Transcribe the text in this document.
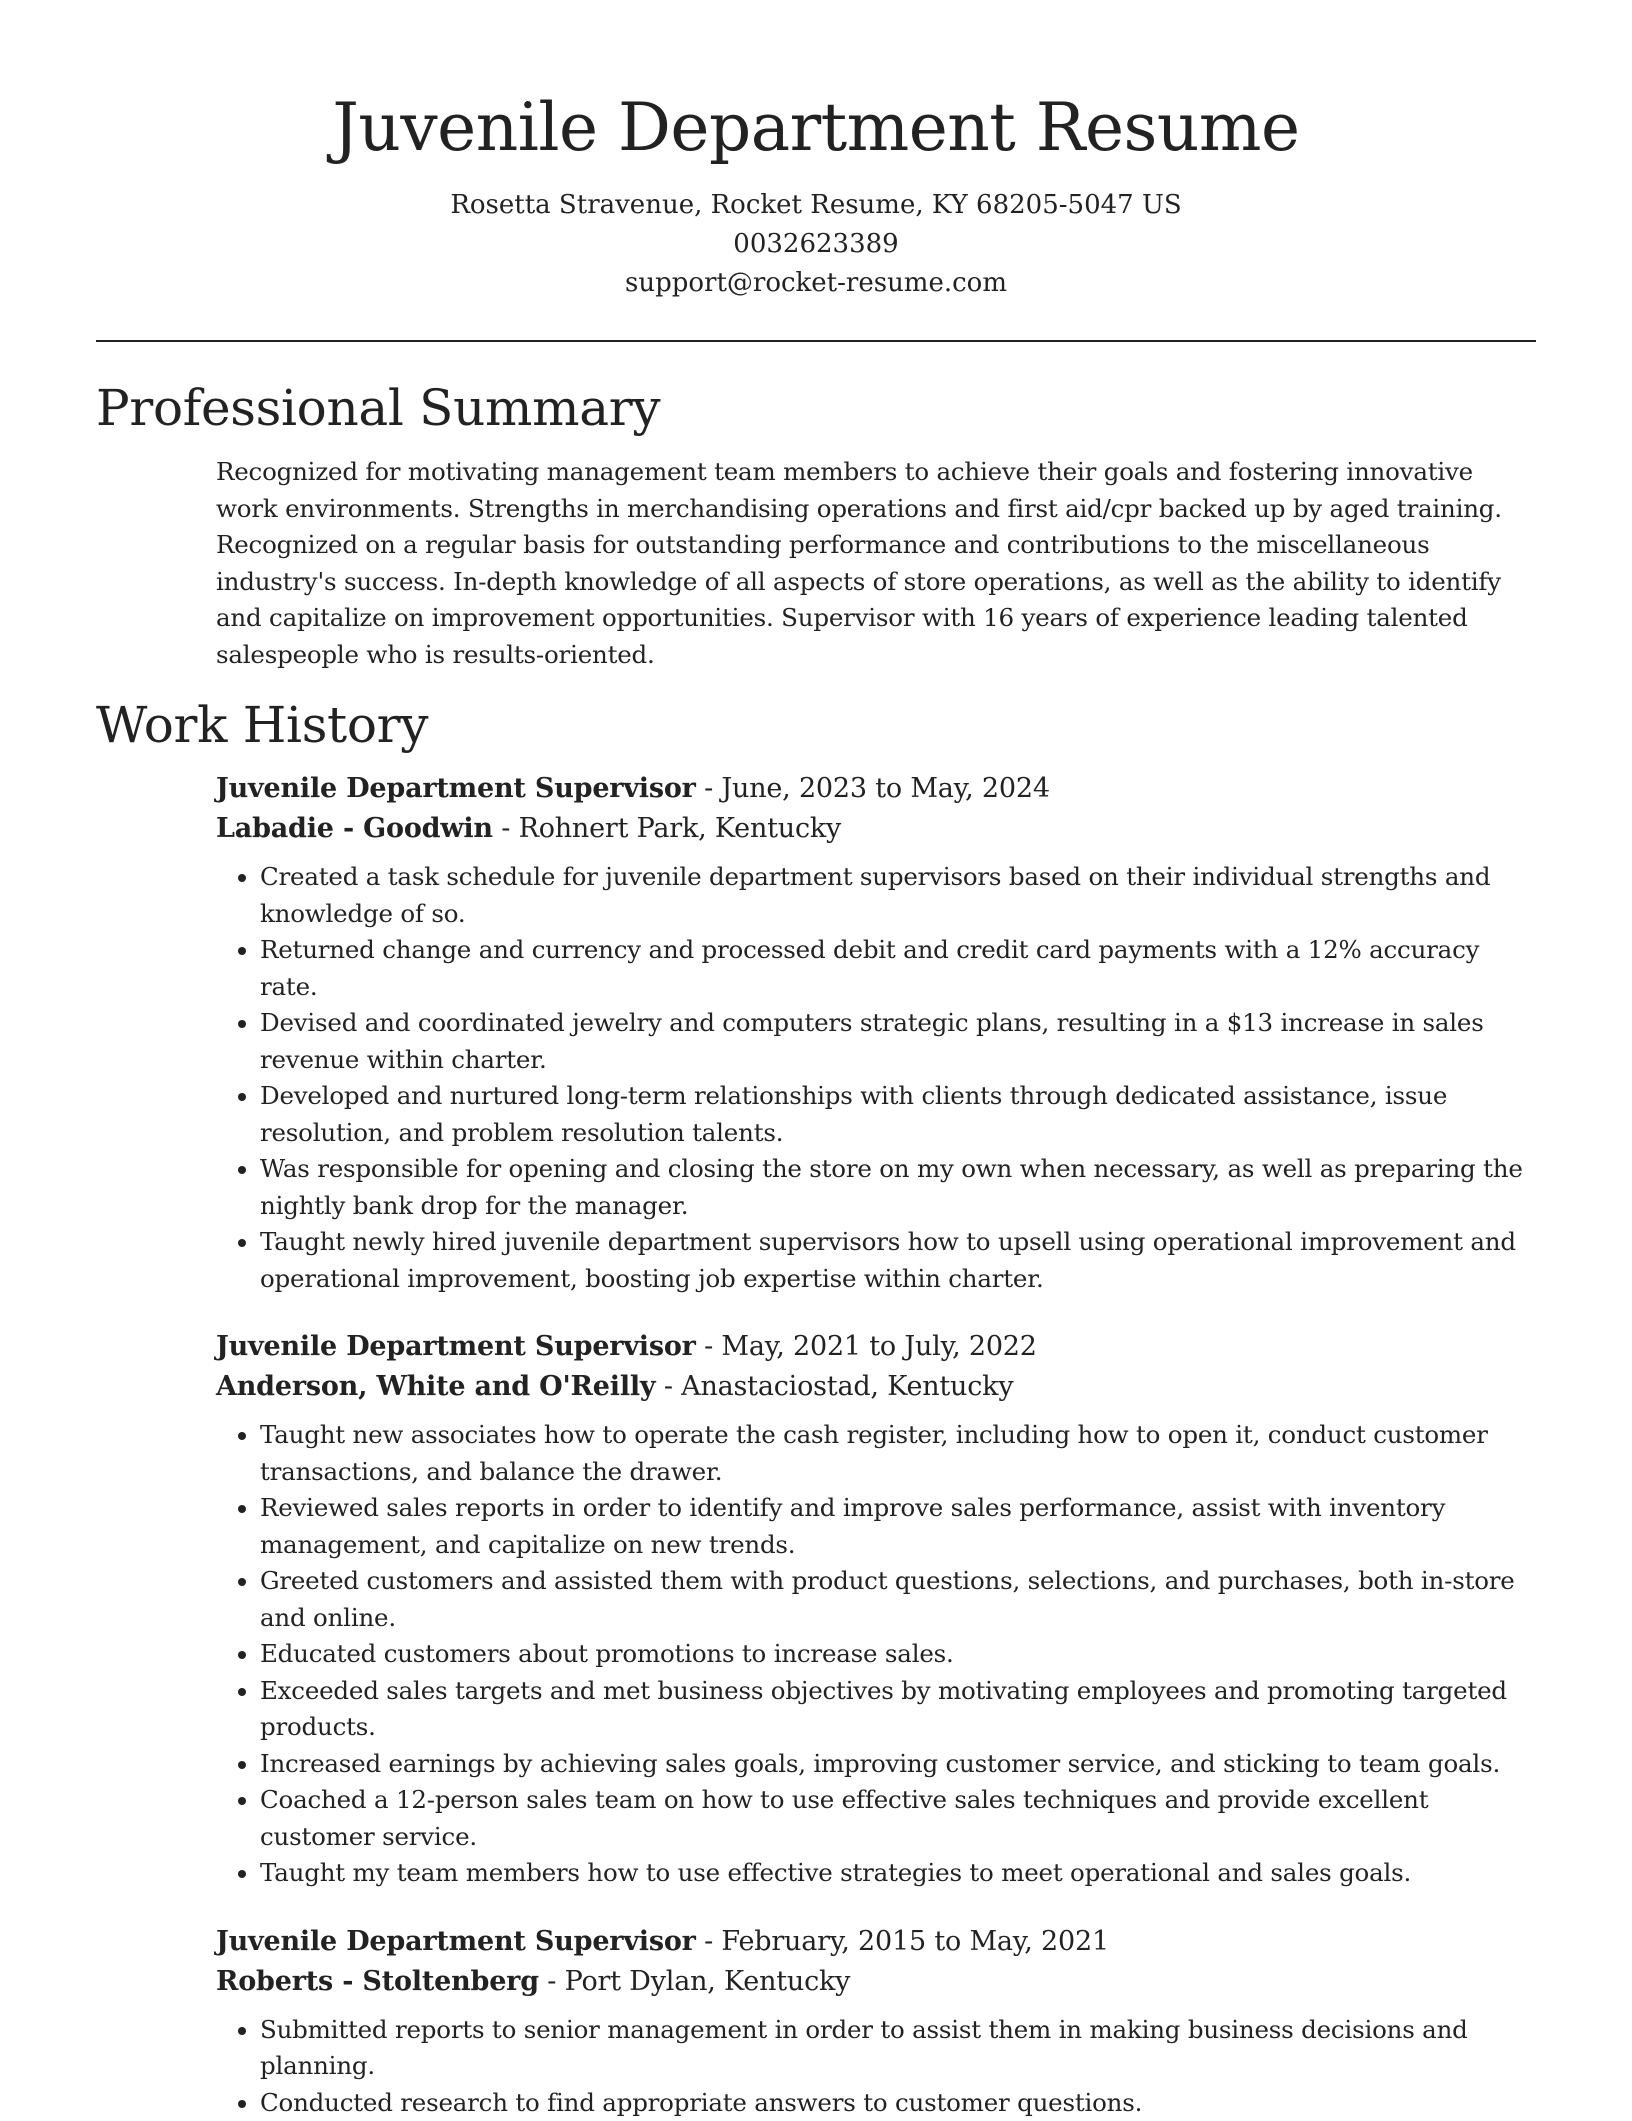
Juvenile Department Resume
Rosetta Stravenue, Rocket Resume, KY 68205-5047 US
0032623389
support@rocket-resume.com
Professional Summary

Recognized for motivating management team members to achieve their goals and fostering innovative work environments. Strengths in merchandising operations and first aid/cpr backed up by aged training. Recognized on a regular basis for outstanding performance and contributions to the miscellaneous industry's success. In-depth knowledge of all aspects of store operations, as well as the ability to identify and capitalize on improvement opportunities. Supervisor with 16 years of experience leading talented salespeople who is results-oriented.

Work History
Juvenile Department Supervisor - June, 2023 to May, 2024
Labadie - Goodwin - Rohnert Park, Kentucky
• Created a task schedule for juvenile department supervisors based on their individual strengths and knowledge of so.
• Returned change and currency and processed debit and credit card payments with a 12% accuracy rate.
• Devised and coordinated jewelry and computers strategic plans, resulting in a $13 increase in sales revenue within charter.
• Developed and nurtured long-term relationships with clients through dedicated assistance, issue resolution, and problem resolution talents.
• Was responsible for opening and closing the store on my own when necessary, as well as preparing the nightly bank drop for the manager.
• Taught newly hired juvenile department supervisors how to upsell using operational improvement and operational improvement, boosting job expertise within charter.
Juvenile Department Supervisor - May, 2021 to July, 2022
Anderson, White and O'Reilly - Anastaciostad, Kentucky
• Taught new associates how to operate the cash register, including how to open it, conduct customer transactions, and balance the drawer.
• Reviewed sales reports in order to identify and improve sales performance, assist with inventory management, and capitalize on new trends.
• Greeted customers and assisted them with product questions, selections, and purchases, both in-store and online.
• Educated customers about promotions to increase sales.
• Exceeded sales targets and met business objectives by motivating employees and promoting targeted products.
• Increased earnings by achieving sales goals, improving customer service, and sticking to team goals.
• Coached a 12-person sales team on how to use effective sales techniques and provide excellent customer service.
• Taught my team members how to use effective strategies to meet operational and sales goals.
Juvenile Department Supervisor - February, 2015 to May, 2021
Roberts - Stoltenberg - Port Dylan, Kentucky
• Submitted reports to senior management in order to assist them in making business decisions and planning.
• Conducted research to find appropriate answers to customer questions.
